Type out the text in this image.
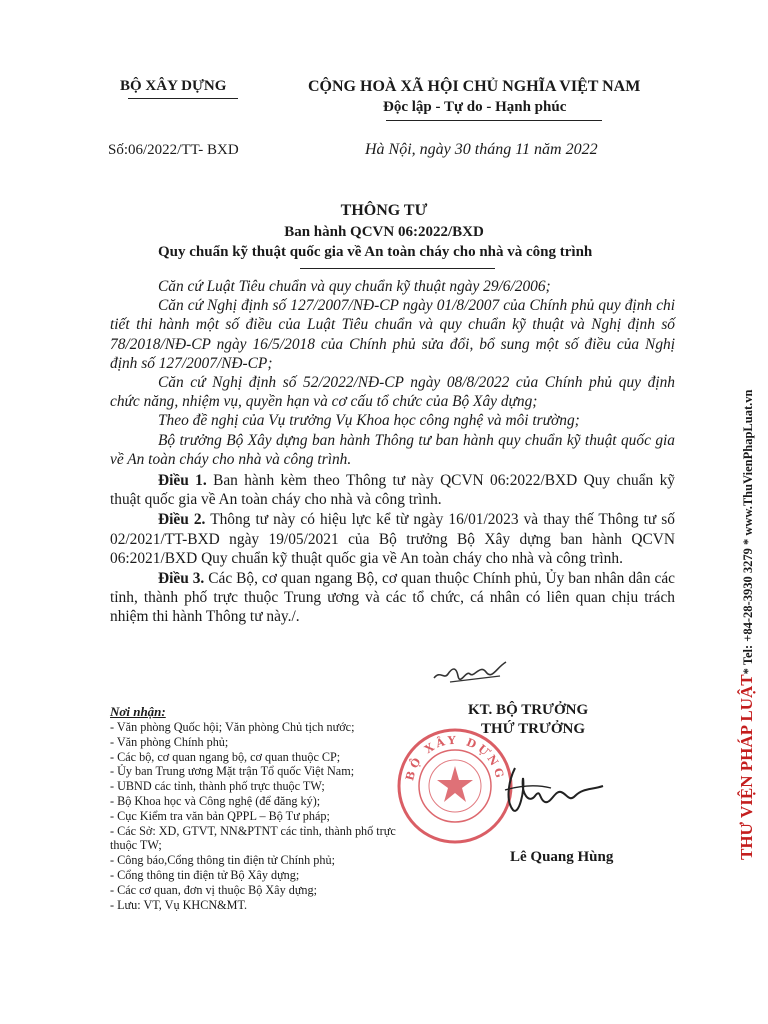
BỘ XÂY DỰNG	CỘNG HOÀ XÃ HỘI CHỦ NGHĨA VIỆT NAM
Độc lập - Tự do - Hạnh phúc
Số:06/2022/TT- BXD	Hà Nội, ngày 30 tháng 11 năm 2022
THÔNG TƯ
Ban hành QCVN 06:2022/BXD
Quy chuẩn kỹ thuật quốc gia về An toàn cháy cho nhà và công trình

Căn cứ Luật Tiêu chuẩn và quy chuẩn kỹ thuật ngày 29/6/2006;

Căn cứ Nghị định số 127/2007/NĐ-CP ngày 01/8/2007 của Chính phủ quy định chi tiết thi hành một số điều của Luật Tiêu chuẩn và quy chuẩn kỹ thuật và Nghị định số 78/2018/NĐ-CP ngày 16/5/2018 của Chính phủ sửa đổi, bổ sung một số điều của Nghị định số 127/2007/NĐ-CP;

Căn cứ Nghị định số 52/2022/NĐ-CP ngày 08/8/2022 của Chính phủ quy định chức năng, nhiệm vụ, quyền hạn và cơ cấu tổ chức của Bộ Xây dựng;

Theo đề nghị của Vụ trưởng Vụ Khoa học công nghệ và môi trường;

Bộ trưởng Bộ Xây dựng ban hành Thông tư ban hành quy chuẩn kỹ thuật quốc gia về An toàn cháy cho nhà và công trình.

Điều 1. Ban hành kèm theo Thông tư này QCVN 06:2022/BXD Quy chuẩn kỹ thuật quốc gia về An toàn cháy cho nhà và công trình.

Điều 2. Thông tư này có hiệu lực kể từ ngày 16/01/2023 và thay thế Thông tư số 02/2021/TT-BXD ngày 19/05/2021 của Bộ trưởng Bộ Xây dựng ban hành QCVN 06:2021/BXD Quy chuẩn kỹ thuật quốc gia về An toàn cháy cho nhà và công trình.

Điều 3. Các Bộ, cơ quan ngang Bộ, cơ quan thuộc Chính phủ, Ủy ban nhân dân các tỉnh, thành phố trực thuộc Trung ương và các tổ chức, cá nhân có liên quan chịu trách nhiệm thi hành Thông tư này./.

Nơi nhận:
- Văn phòng Quốc hội; Văn phòng Chủ tịch nước;
- Văn phòng Chính phủ;
- Các bộ, cơ quan ngang bộ, cơ quan thuộc CP;
- Ủy ban Trung ương Mặt trận Tổ quốc Việt Nam;
- UBND các tỉnh, thành phố trực thuộc TW;
- Bộ Khoa học và Công nghệ (để đăng ký);
- Cục Kiểm tra văn bản QPPL – Bộ Tư pháp;
- Các Sở: XD, GTVT, NN&PTNT các tỉnh, thành phố trực thuộc TW;
- Công báo,Cổng thông tin điện tử Chính phủ;
- Cổng thông tin điện tử Bộ Xây dựng;
- Các cơ quan, đơn vị thuộc Bộ Xây dựng;
- Lưu: VT, Vụ KHCN&MT.
KT. BỘ TRƯỞNG
THỨ TRƯỞNG
BỘ XÂY DỰNG
Lê Quang Hùng	THƯ VIỆN PHÁP LUẬT* Tel: +84-28-3930 3279 * www.ThuVienPhapLuat.vn
